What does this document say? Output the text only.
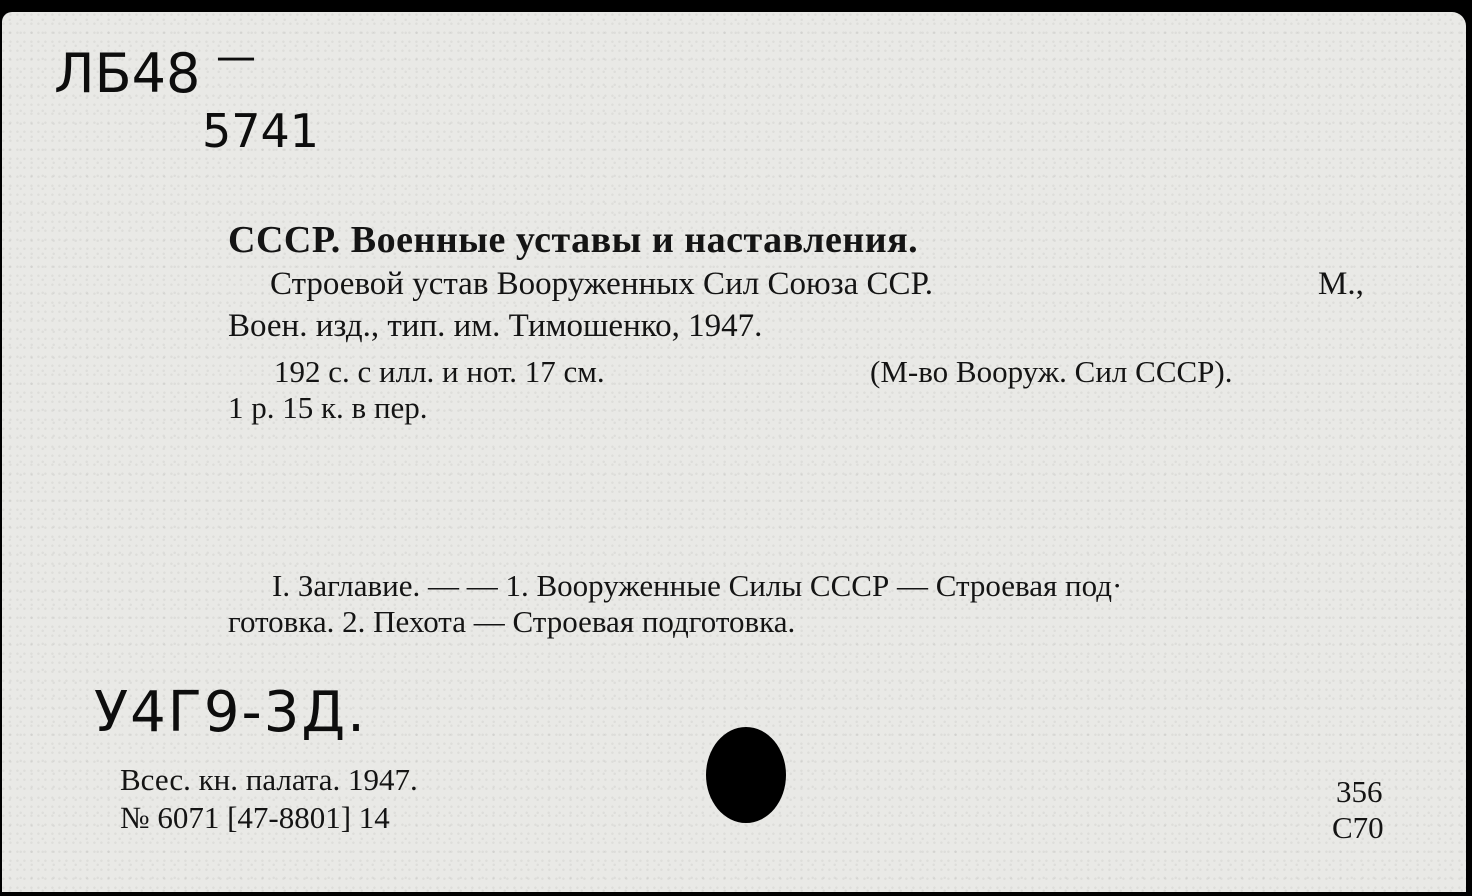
ЛБ48 —
5741
СССР. Военные уставы и наставления.
Строевой устав Вооруженных Сил Союза ССР.	М.,
Воен. изд., тип. им. Тимошенко, 1947.
192 с. с илл. и нот. 17 см.	(М-во Вооруж. Сил СССР).
1 р. 15 к. в пер.
I. Заглавие. — — 1. Вооруженные Силы СССР — Строевая под·
готовка. 2. Пехота — Строевая подготовка.
У4Г9-3Д.
Всес. кн. палата. 1947.
№ 6071 [47-8801] 14
356
С70
